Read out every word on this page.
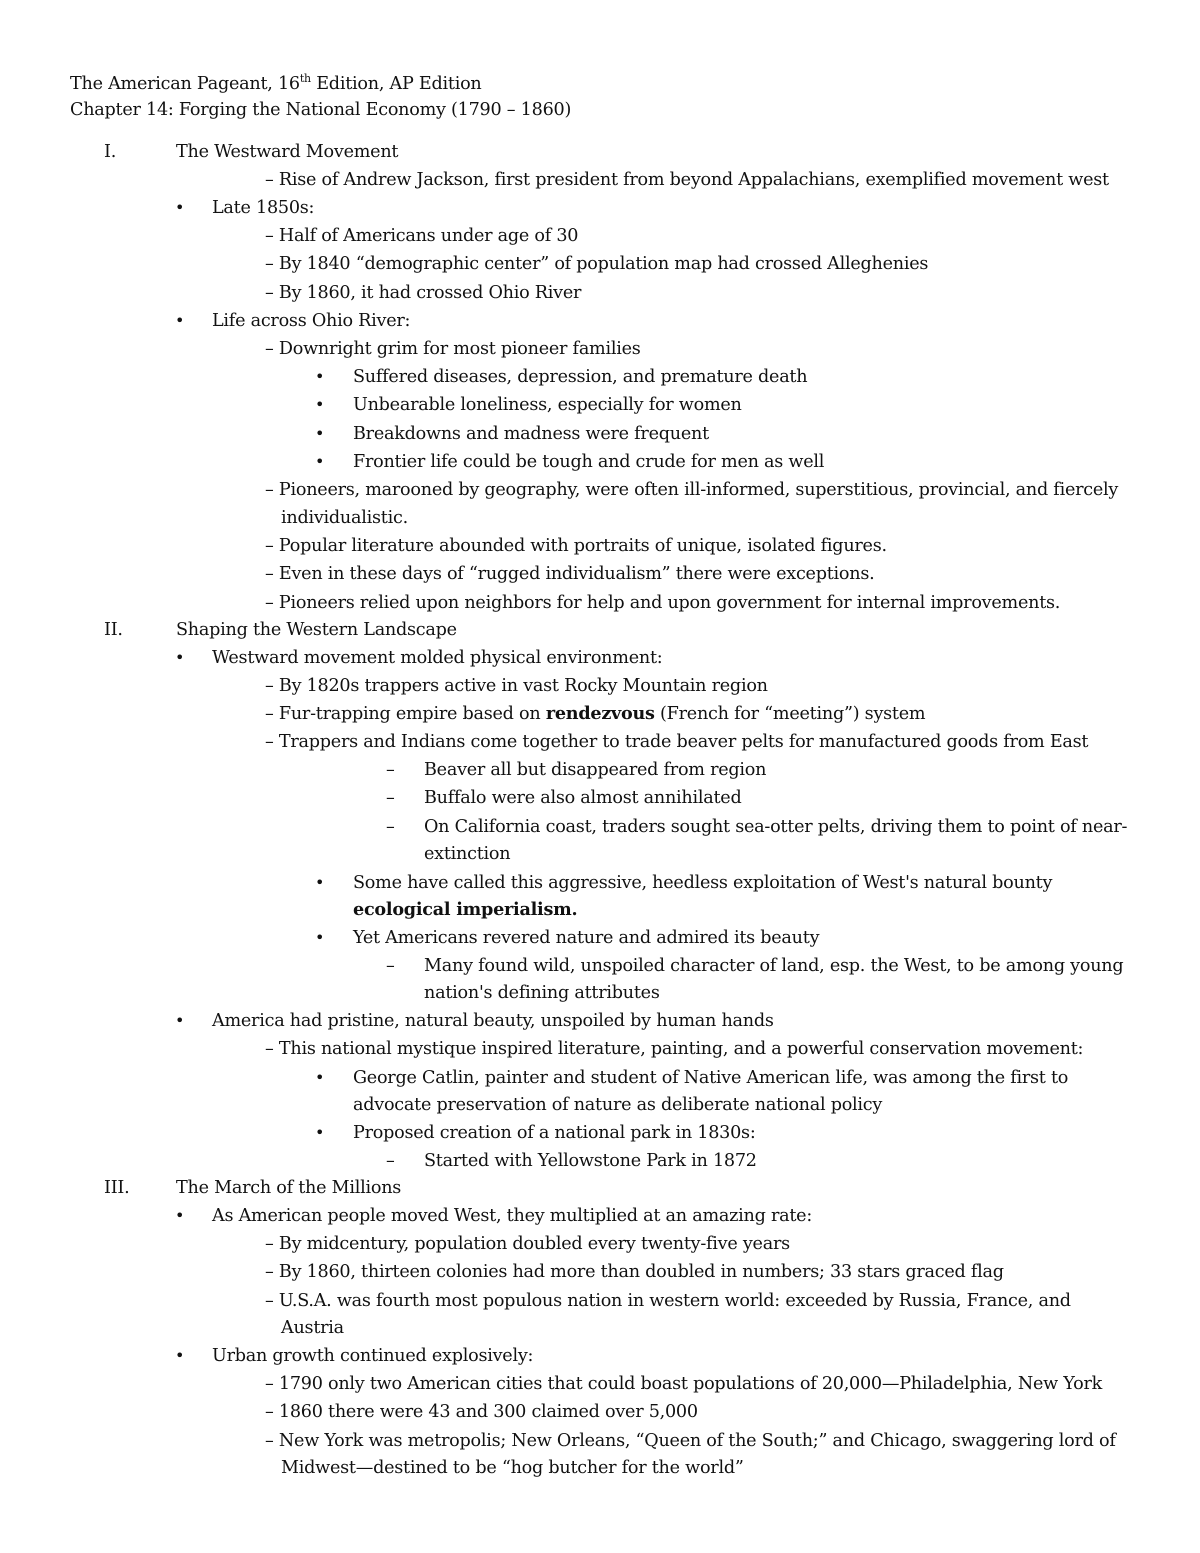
The American Pageant, 16th Edition, AP Edition
Chapter 14: Forging the National Economy (1790 – 1860)
I.	The Westward Movement
– Rise of Andrew Jackson, first president from beyond Appalachians, exemplified movement west
• Late 1850s:
– Half of Americans under age of 30
– By 1840 “demographic center” of population map had crossed Alleghenies
– By 1860, it had crossed Ohio River
• Life across Ohio River:
– Downright grim for most pioneer families
• Suffered diseases, depression, and premature death
• Unbearable loneliness, especially for women
• Breakdowns and madness were frequent
• Frontier life could be tough and crude for men as well
– Pioneers, marooned by geography, were often ill-informed, superstitious, provincial, and fiercely
individualistic.
– Popular literature abounded with portraits of unique, isolated figures.
– Even in these days of “rugged individualism” there were exceptions.
– Pioneers relied upon neighbors for help and upon government for internal improvements.
II.	Shaping the Western Landscape
• Westward movement molded physical environment:
– By 1820s trappers active in vast Rocky Mountain region
– Fur-trapping empire based on rendezvous (French for “meeting”) system
– Trappers and Indians come together to trade beaver pelts for manufactured goods from East
– Beaver all but disappeared from region
– Buffalo were also almost annihilated
– On California coast, traders sought sea-otter pelts, driving them to point of near-
extinction
• Some have called this aggressive, heedless exploitation of West's natural bounty
ecological imperialism.
• Yet Americans revered nature and admired its beauty
– Many found wild, unspoiled character of land, esp. the West, to be among young
nation's defining attributes
• America had pristine, natural beauty, unspoiled by human hands
– This national mystique inspired literature, painting, and a powerful conservation movement:
• George Catlin, painter and student of Native American life, was among the first to
advocate preservation of nature as deliberate national policy
• Proposed creation of a national park in 1830s:
– Started with Yellowstone Park in 1872
III.	The March of the Millions
• As American people moved West, they multiplied at an amazing rate:
– By midcentury, population doubled every twenty-five years
– By 1860, thirteen colonies had more than doubled in numbers; 33 stars graced flag
– U.S.A. was fourth most populous nation in western world: exceeded by Russia, France, and
Austria
• Urban growth continued explosively:
– 1790 only two American cities that could boast populations of 20,000—Philadelphia, New York
– 1860 there were 43 and 300 claimed over 5,000
– New York was metropolis; New Orleans, “Queen of the South;” and Chicago, swaggering lord of
Midwest—destined to be “hog butcher for the world”
